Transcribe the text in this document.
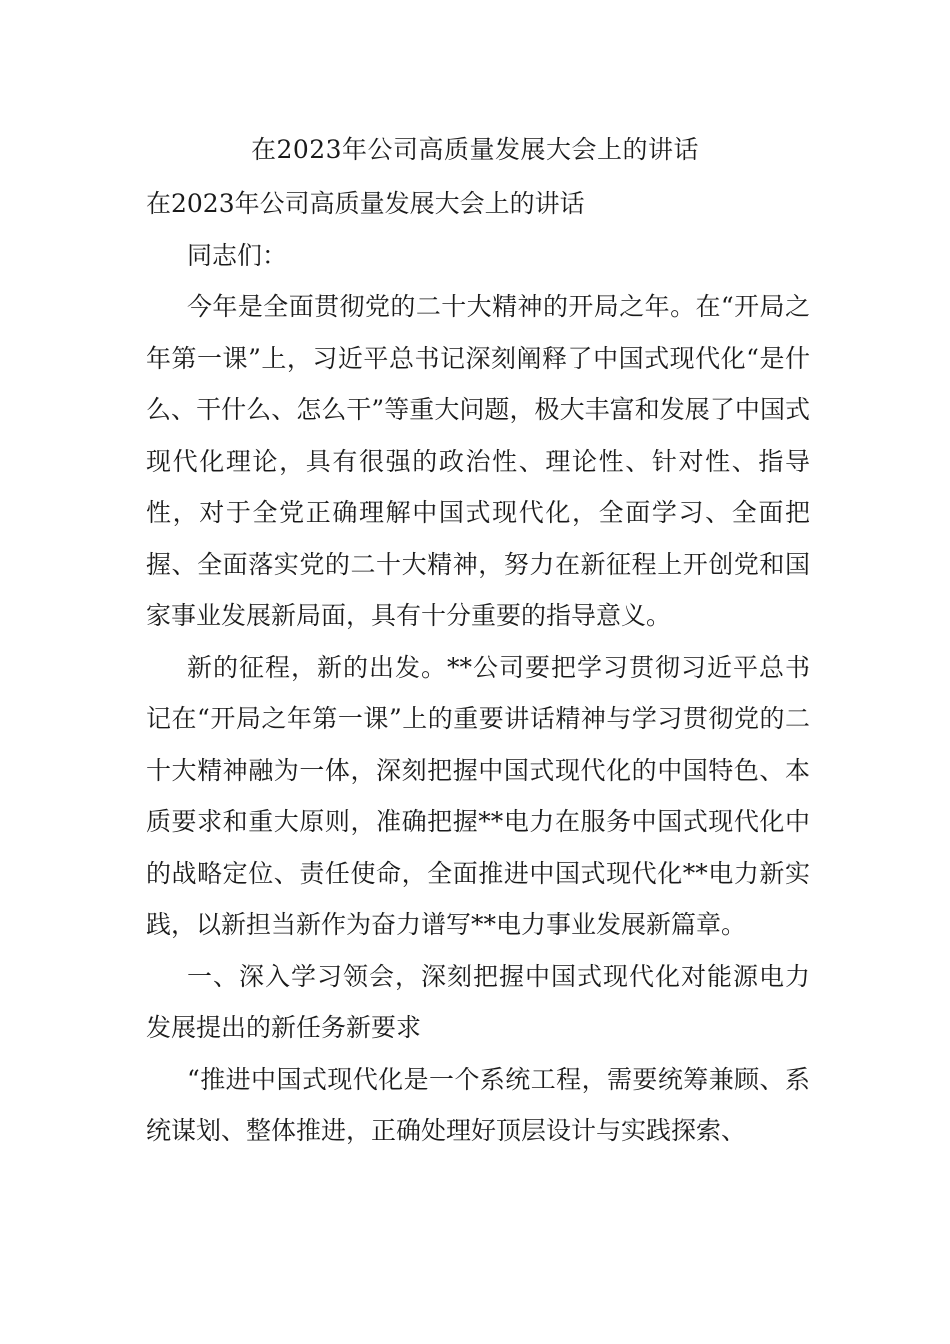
在2023年公司高质量发展大会上的讲话

在2023年公司高质量发展大会上的讲话

同志们：

今年是全面贯彻党的二十大精神的开局之年。在“开局之年第一课”上，习近平总书记深刻阐释了中国式现代化“是什么、干什么、怎么干”等重大问题，极大丰富和发展了中国式现代化理论，具有很强的政治性、理论性、针对性、指导性，对于全党正确理解中国式现代化，全面学习、全面把握、全面落实党的二十大精神，努力在新征程上开创党和国家事业发展新局面，具有十分重要的指导意义。

新的征程，新的出发。**公司要把学习贯彻习近平总书记在“开局之年第一课”上的重要讲话精神与学习贯彻党的二十大精神融为一体，深刻把握中国式现代化的中国特色、本质要求和重大原则，准确把握**电力在服务中国式现代化中的战略定位、责任使命，全面推进中国式现代化**电力新实践，以新担当新作为奋力谱写**电力事业发展新篇章。

一、深入学习领会，深刻把握中国式现代化对能源电力发展提出的新任务新要求

“推进中国式现代化是一个系统工程，需要统筹兼顾、系统谋划、整体推进，正确处理好顶层设计与实践探索、
